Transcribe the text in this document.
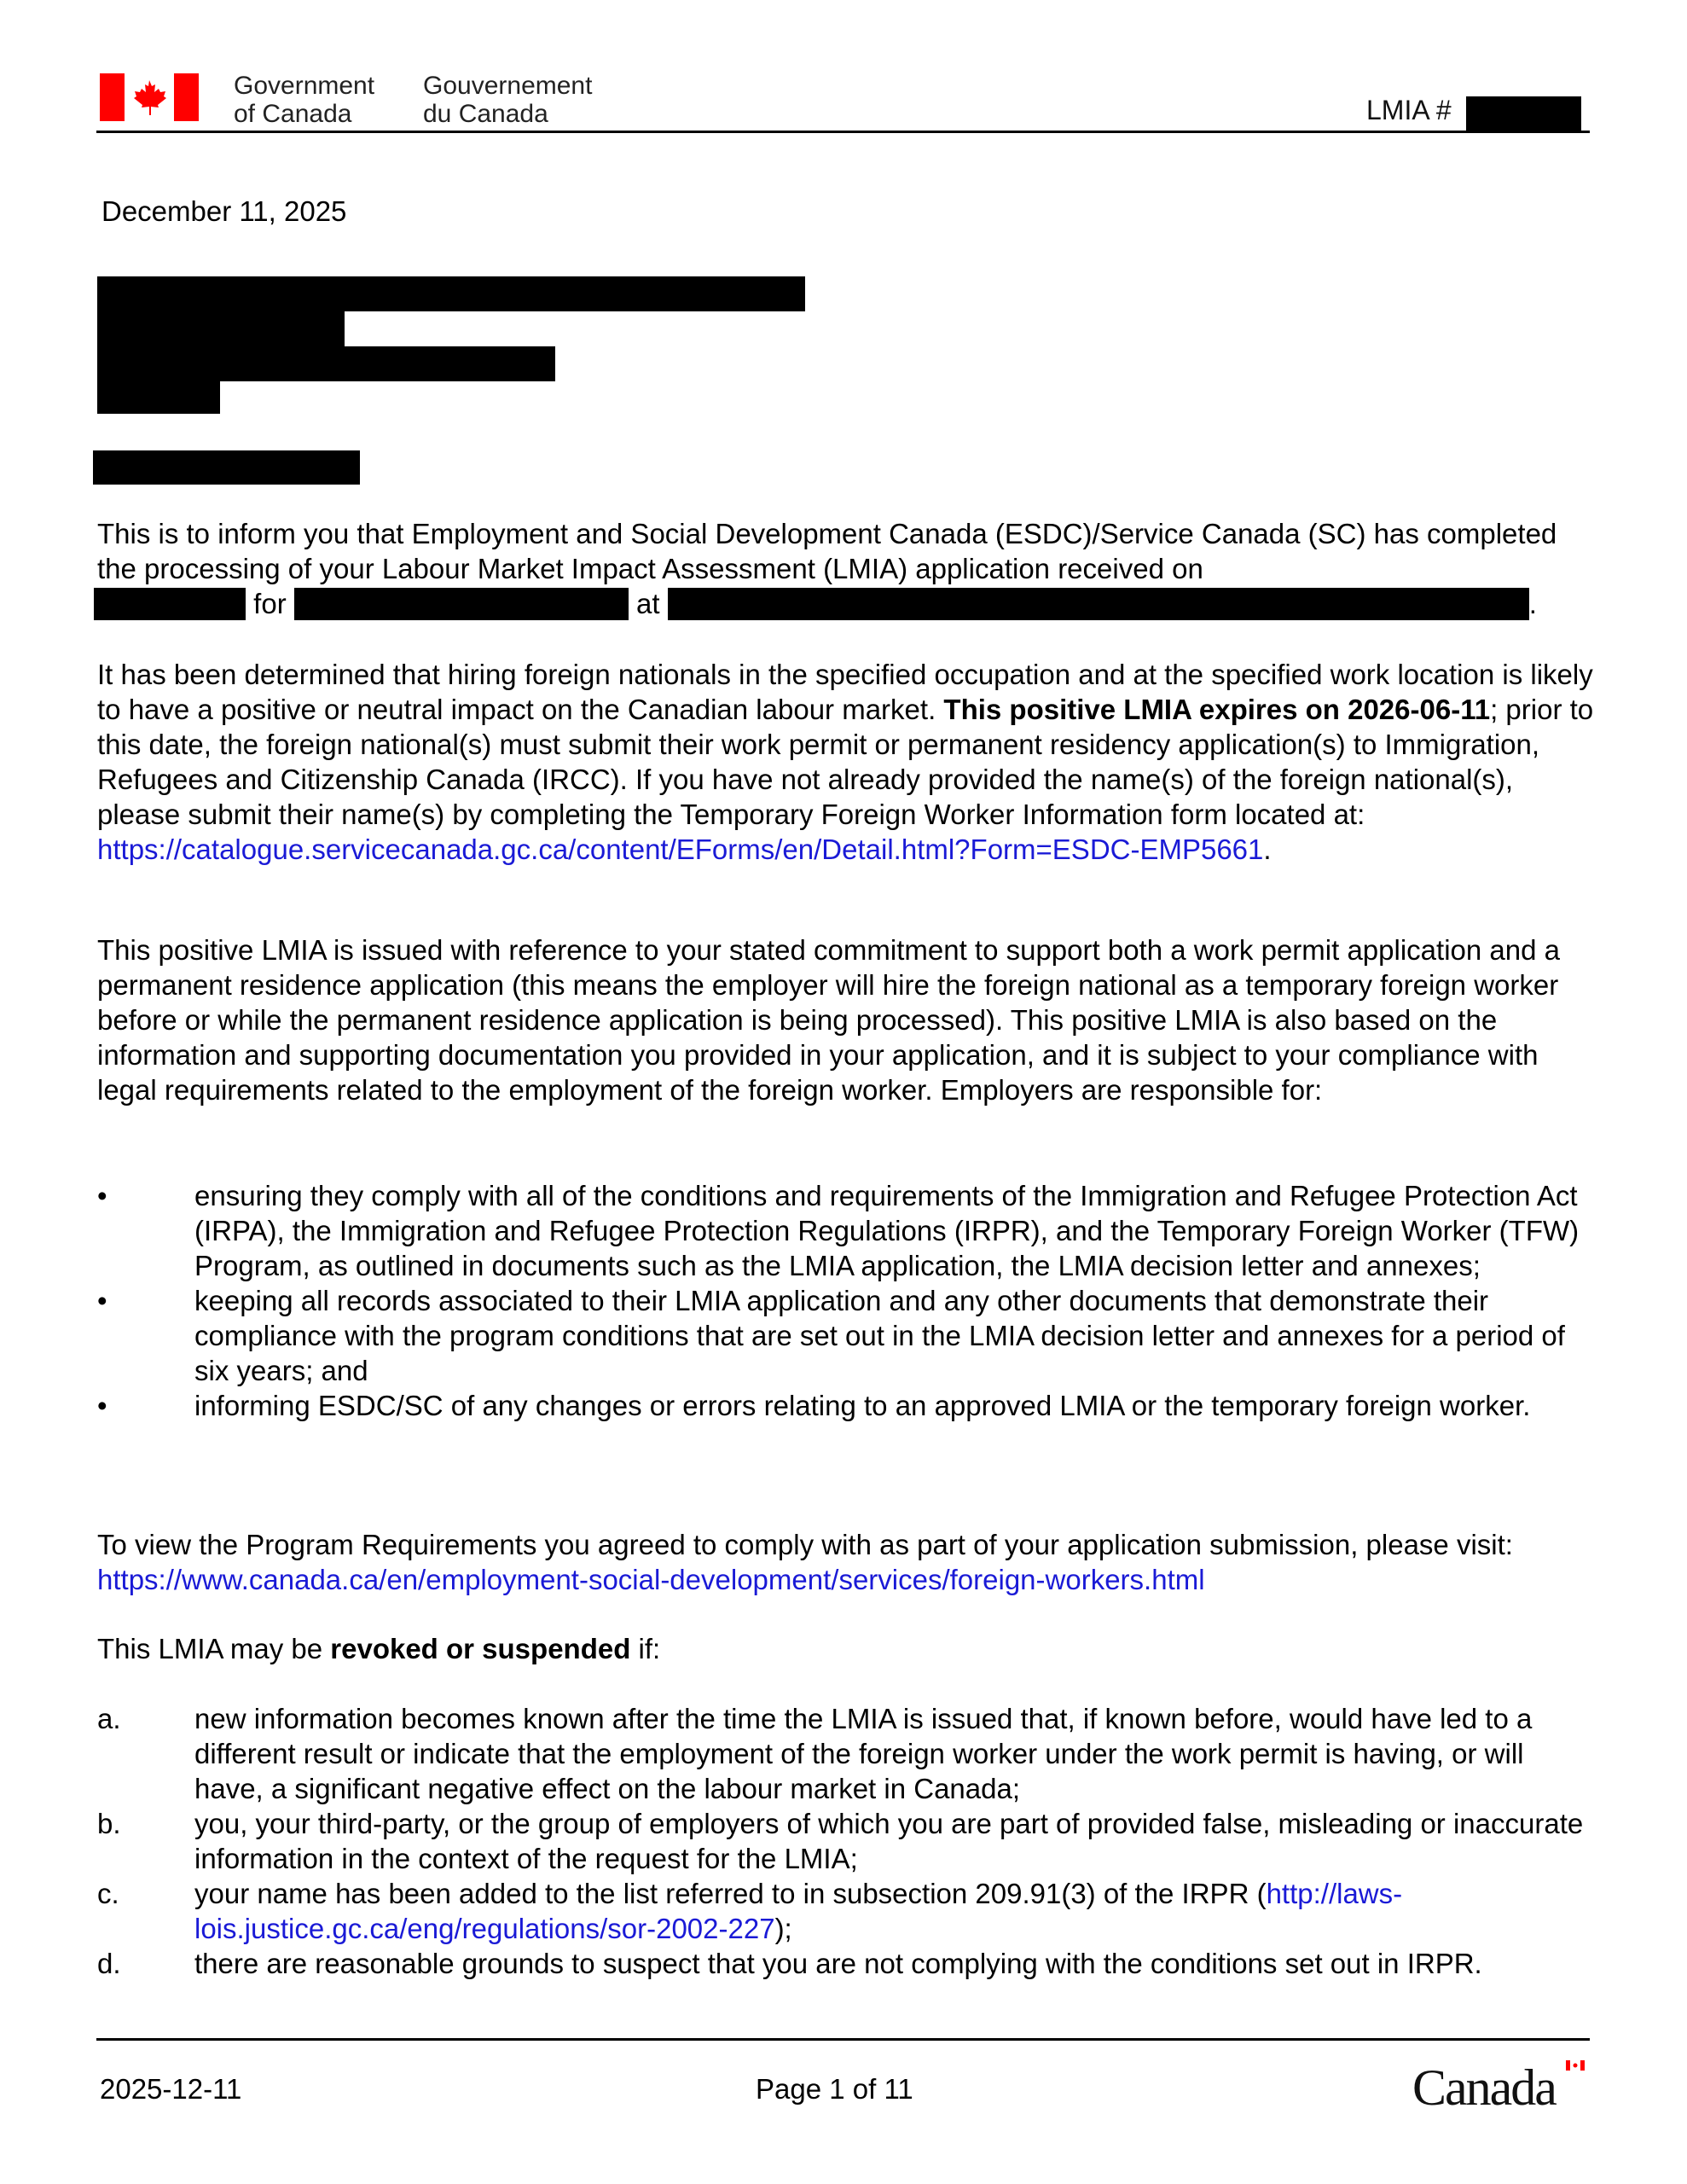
Government
of Canada
Gouvernement
du Canada	LMIA #
December 11, 2025
This is to inform you that Employment and Social Development Canada (ESDC)/Service Canada (SC) has completed the processing of your Labour Market Impact Assessment (LMIA) application received on
for	at	.
It has been determined that hiring foreign nationals in the specified occupation and at the specified work location is likely to have a positive or neutral impact on the Canadian labour market. This positive LMIA expires on 2026-06-11; prior to this date, the foreign national(s) must submit their work permit or permanent residency application(s) to Immigration, Refugees and Citizenship Canada (IRCC). If you have not already provided the name(s) of the foreign national(s), please submit their name(s) by completing the Temporary Foreign Worker Information form located at:
https://catalogue.servicecanada.gc.ca/content/EForms/en/Detail.html?Form=ESDC-EMP5661.
This positive LMIA is issued with reference to your stated commitment to support both a work permit application and a permanent residence application (this means the employer will hire the foreign national as a temporary foreign worker before or while the permanent residence application is being processed). This positive LMIA is also based on the information and supporting documentation you provided in your application, and it is subject to your compliance with legal requirements related to the employment of the foreign worker. Employers are responsible for:
•	ensuring they comply with all of the conditions and requirements of the Immigration and Refugee Protection Act (IRPA), the Immigration and Refugee Protection Regulations (IRPR), and the Temporary Foreign Worker (TFW) Program, as outlined in documents such as the LMIA application, the LMIA decision letter and annexes;
•	keeping all records associated to their LMIA application and any other documents that demonstrate their compliance with the program conditions that are set out in the LMIA decision letter and annexes for a period of six years; and
•	informing ESDC/SC of any changes or errors relating to an approved LMIA or the temporary foreign worker.
To view the Program Requirements you agreed to comply with as part of your application submission, please visit: https://www.canada.ca/en/employment-social-development/services/foreign-workers.html
This LMIA may be revoked or suspended if:
a.	new information becomes known after the time the LMIA is issued that, if known before, would have led to a different result or indicate that the employment of the foreign worker under the work permit is having, or will have, a significant negative effect on the labour market in Canada;
b.	you, your third-party, or the group of employers of which you are part of provided false, misleading or inaccurate information in the context of the request for the LMIA;
c.	your name has been added to the list referred to in subsection 209.91(3) of the IRPR (http://laws-lois.justice.gc.ca/eng/regulations/sor-2002-227);
d.	there are reasonable grounds to suspect that you are not complying with the conditions set out in IRPR.
2025-12-11	Page 1 of 11	Canada
